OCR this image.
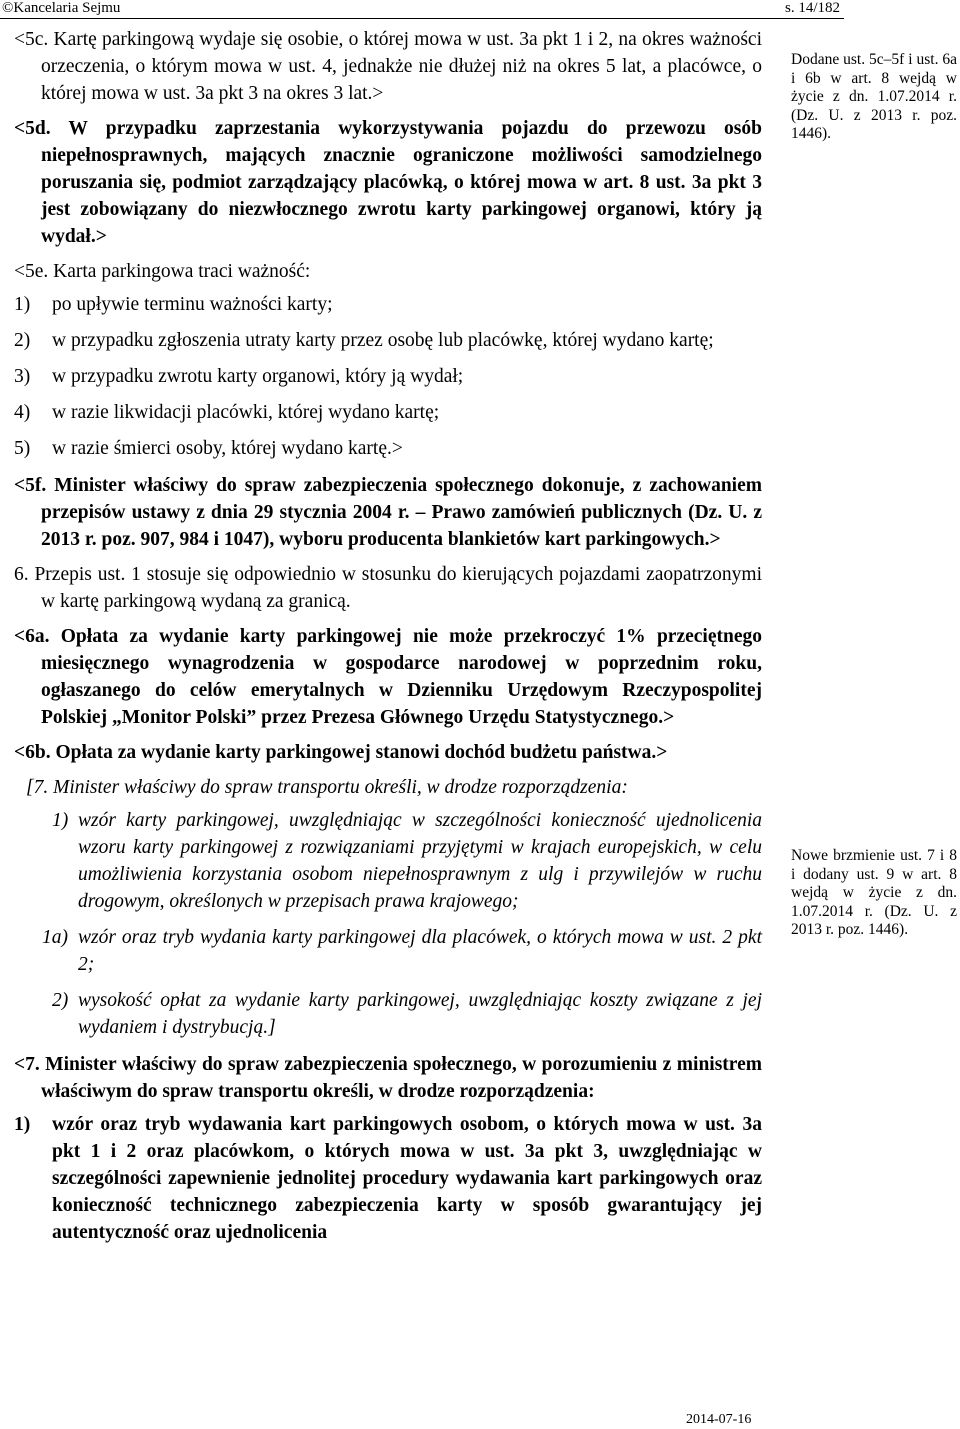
©Kancelaria Sejmu	s. 14/182

<5c. Kartę parkingową wydaje się osobie, o której mowa w ust. 3a pkt 1 i 2, na okres ważności orzeczenia, o którym mowa w ust. 4, jednakże nie dłużej niż na okres 5 lat, a placówce, o której mowa w ust. 3a pkt 3 na okres 3 lat.>

<5d. W przypadku zaprzestania wykorzystywania pojazdu do przewozu osób niepełnosprawnych, mających znacznie ograniczone możliwości samodzielnego poruszania się, podmiot zarządzający placówką, o której mowa w art. 8 ust. 3a pkt 3 jest zobowiązany do niezwłocznego zwrotu karty parkingowej organowi, który ją wydał.>

<5e. Karta parkingowa traci ważność:

1)	po upływie terminu ważności karty;
2)	w przypadku zgłoszenia utraty karty przez osobę lub placówkę, której wydano kartę;
3)	w przypadku zwrotu karty organowi, który ją wydał;
4)	w razie likwidacji placówki, której wydano kartę;
5)	w razie śmierci osoby, której wydano kartę.>

<5f. Minister właściwy do spraw zabezpieczenia społecznego dokonuje, z zachowaniem przepisów ustawy z dnia 29 stycznia 2004 r. – Prawo zamówień publicznych (Dz. U. z 2013 r. poz. 907, 984 i 1047), wyboru producenta blankietów kart parkingowych.>

6. Przepis ust. 1 stosuje się odpowiednio w stosunku do kierujących pojazdami zaopatrzonymi w kartę parkingową wydaną za granicą.

<6a. Opłata za wydanie karty parkingowej nie może przekroczyć 1% przeciętnego miesięcznego wynagrodzenia w gospodarce narodowej w poprzednim roku, ogłaszanego do celów emerytalnych w Dzienniku Urzędowym Rzeczypospolitej Polskiej „Monitor Polski” przez Prezesa Głównego Urzędu Statystycznego.>

<6b. Opłata za wydanie karty parkingowej stanowi dochód budżetu państwa.>

[7. Minister właściwy do spraw transportu określi, w drodze rozporządzenia:

1) wzór karty parkingowej, uwzględniając w szczególności konieczność ujednolicenia wzoru karty parkingowej z rozwiązaniami przyjętymi w krajach europejskich, w celu umożliwienia korzystania osobom niepełnosprawnym z ulg i przywilejów w ruchu drogowym, określonych w przepisach prawa krajowego;
1a) wzór oraz tryb wydania karty parkingowej dla placówek, o których mowa w ust. 2 pkt 2;
2) wysokość opłat za wydanie karty parkingowej, uwzględniając koszty związane z jej wydaniem i dystrybucją.]

<7. Minister właściwy do spraw zabezpieczenia społecznego, w porozumieniu z ministrem właściwym do spraw transportu określi, w drodze rozporządzenia:

1)	wzór oraz tryb wydawania kart parkingowych osobom, o których mowa w ust. 3a pkt 1 i 2 oraz placówkom, o których mowa w ust. 3a pkt 3, uwzględniając w szczególności zapewnienie jednolitej procedury wydawania kart parkingowych oraz konieczność technicznego zabezpieczenia karty w sposób gwarantujący jej autentyczność oraz ujednolicenia
Dodane ust. 5c–5f i ust. 6a i 6b w art. 8 wejdą w życie z dn. 1.07.2014 r. (Dz. U. z 2013 r. poz. 1446).
Nowe brzmienie ust. 7 i 8 i dodany ust. 9 w art. 8 wejdą w życie z dn. 1.07.2014 r. (Dz. U. z 2013 r. poz. 1446).
2014-07-16
